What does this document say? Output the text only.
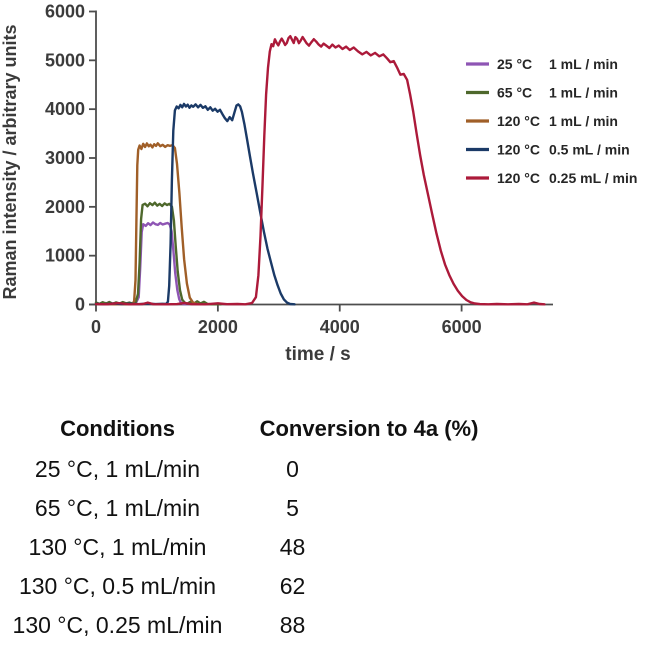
0	2000	4000	6000
0
1000
2000
3000
4000
5000
6000
25 °C 1 mL / min
65 °C 1 mL / min
120 °C 1 mL / min
120 °C 0.5 mL / min
120 °C 0.25 mL / min
Raman intensity / arbitrary units
time / s
Conditions	Conversion to 4a (%)
25 °C, 1 mL/min	0
65 °C, 1 mL/min	5
130 °C, 1 mL/min	48
130 °C, 0.5 mL/min	62
130 °C, 0.25 mL/min	88
